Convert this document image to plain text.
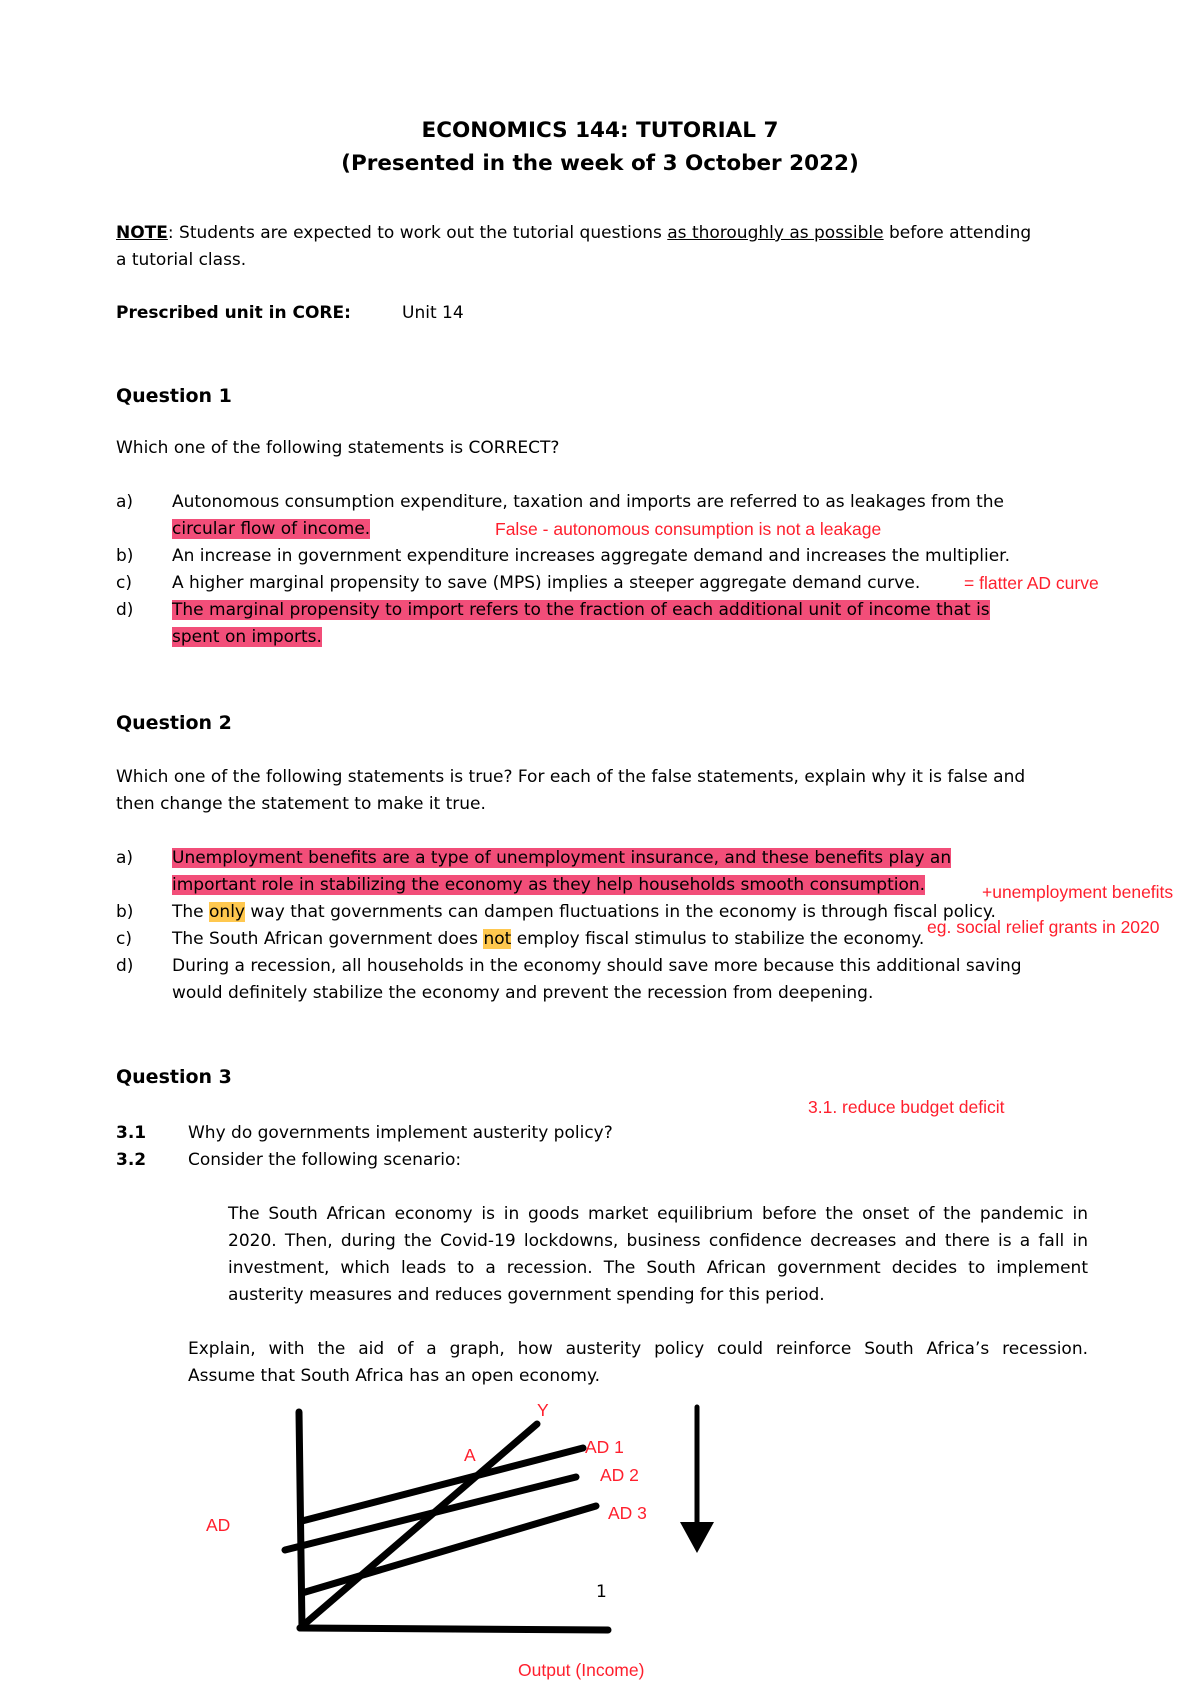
ECONOMICS 144: TUTORIAL 7
(Presented in the week of 3 October 2022)
NOTE: Students are expected to work out the tutorial questions as thoroughly as possible before attending
a tutorial class.
Prescribed unit in CORE:	Unit 14
Question 1
Which one of the following statements is CORRECT?
a)	Autonomous consumption expenditure, taxation and imports are referred to as leakages from the
circular flow of income.	False - autonomous consumption is not a leakage
b)	An increase in government expenditure increases aggregate demand and increases the multiplier.
c)	A higher marginal propensity to save (MPS) implies a steeper aggregate demand curve.	= flatter AD curve
d)	The marginal propensity to import refers to the fraction of each additional unit of income that is
spent on imports.
Question 2
Which one of the following statements is true? For each of the false statements, explain why it is false and
then change the statement to make it true.
a)	Unemployment benefits are a type of unemployment insurance, and these benefits play an
important role in stabilizing the economy as they help households smooth consumption.
b)	The only way that governments can dampen fluctuations in the economy is through fiscal policy.
+unemployment benefits
eg. social relief grants in 2020
c)	The South African government does not employ fiscal stimulus to stabilize the economy.
d)	During a recession, all households in the economy should save more because this additional saving
would definitely stabilize the economy and prevent the recession from deepening.
Question 3
3.1. reduce budget deficit
3.1 Why do governments implement austerity policy?
3.2 Consider the following scenario:
The South African economy is in goods market equilibrium before the onset of the pandemic in
2020. Then, during the Covid-19 lockdowns, business confidence decreases and there is a fall in
investment, which leads to a recession. The South African government decides to implement
austerity measures and reduces government spending for this period.
Explain, with the aid of a graph, how austerity policy could reinforce South Africa’s recession.
Assume that South Africa has an open economy.
AD
Output (Income)
Y
A	AD 1
AD 2
AD 3
1
